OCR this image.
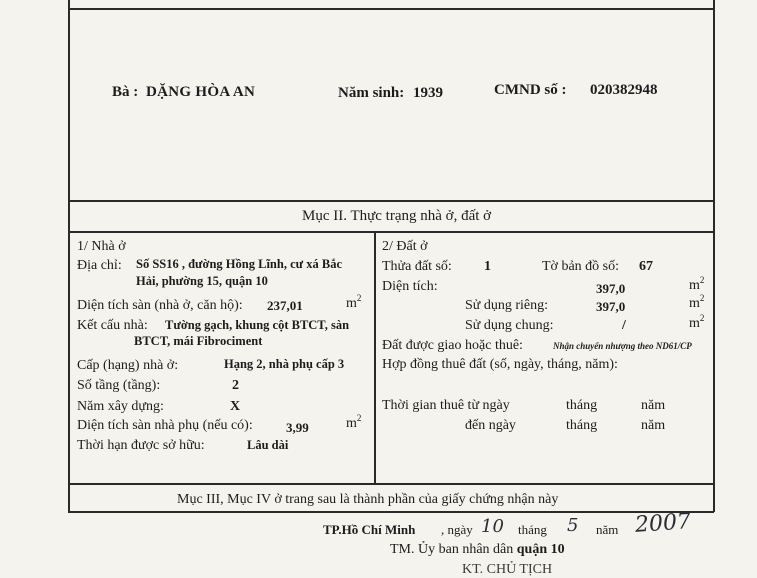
Bà : DẶNG HÒA AN	Năm sinh: 1939	CMND số : 020382948
Mục II. Thực trạng nhà ở, đất ở
1/ Nhà ở
Địa chỉ: Số SS16 , đường Hồng Lĩnh, cư xá Bắc
Hải, phường 15, quận 10
Diện tích sàn (nhà ở, căn hộ): 237,01	$m^2$
Kết cấu nhà: Tường gạch, khung cột BTCT, sàn
BTCT, mái Fibrociment
Cấp (hạng) nhà ở:	Hạng 2, nhà phụ cấp 3
Số tầng (tầng):	2
Năm xây dựng:	X
Diện tích sàn nhà phụ (nếu có):	3,99	$m^2$
Thời hạn được sở hữu:	Lâu dài
2/ Đất ở
Thửa đất số: 1	Tờ bản đồ số: 67
Diện tích:	397,0	$m^2$
Sử dụng riêng:	397,0	$m^2$
Sử dụng chung:	/	$m^2$
Đất được giao hoặc thuê:	Nhận chuyển nhượng theo ND61/CP
Hợp đồng thuê đất (số, ngày, tháng, năm):
Thời gian thuê từ ngày	tháng	năm
đến ngày	tháng	năm
Mục III, Mục IV ở trang sau là thành phần của giấy chứng nhận này
TP.Hồ Chí Minh , ngày 10 tháng 5 năm 2007
TM. Ủy ban nhân dân quận 10
KT. CHỦ TỊCH
